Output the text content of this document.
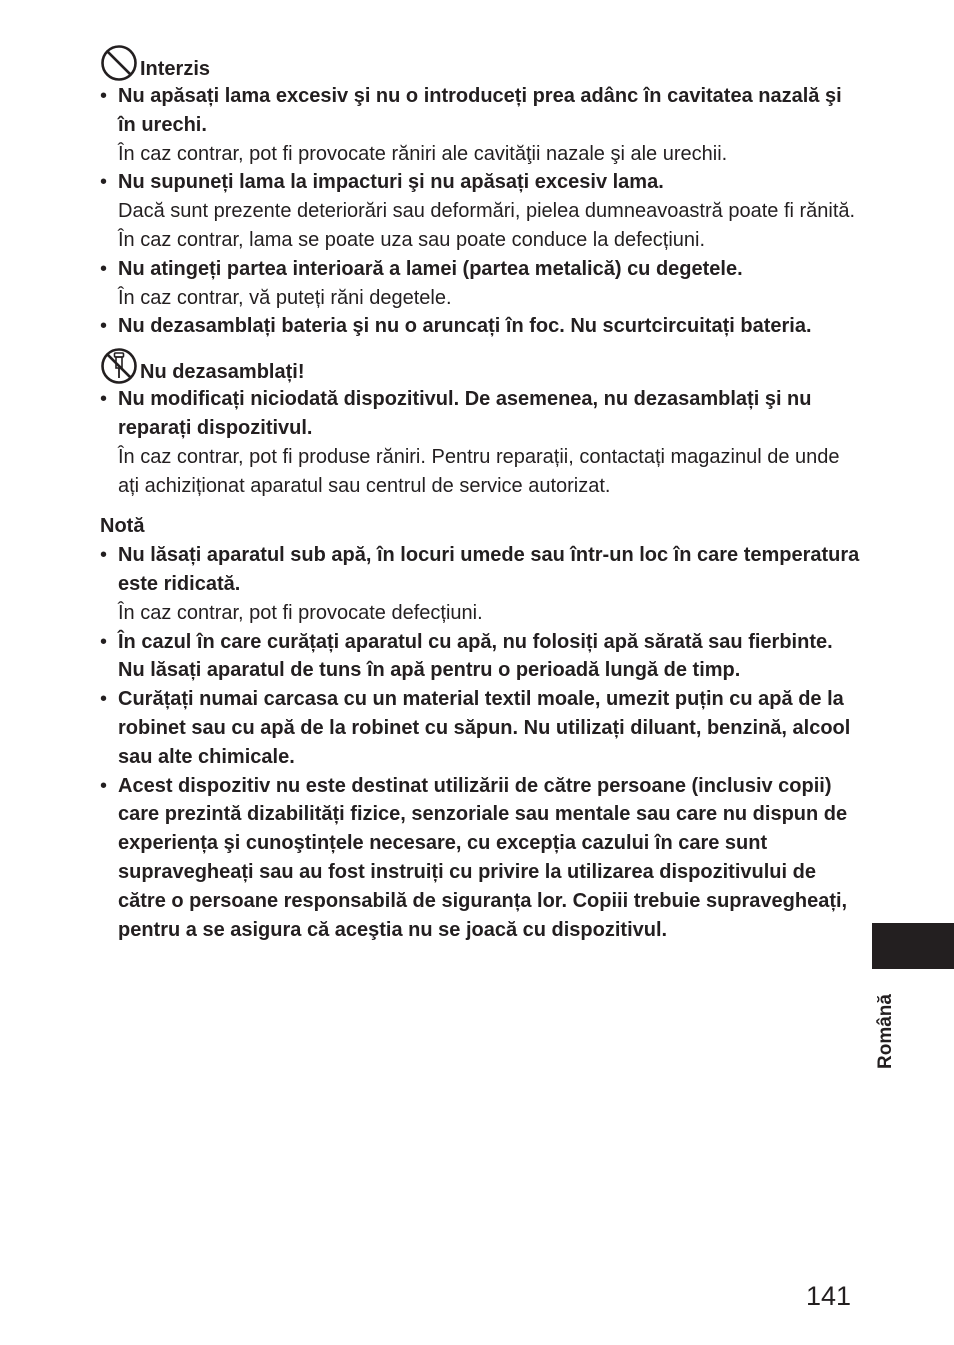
Interzis
• Nu apăsați lama excesiv şi nu o introduceți prea adânc în cavitatea nazală şi în urechi.
În caz contrar, pot fi provocate răniri ale cavităţii nazale şi ale urechii.
• Nu supuneți lama la impacturi şi nu apăsați excesiv lama.
Dacă sunt prezente deteriorări sau deformări, pielea dumneavoastră poate fi rănită.
În caz contrar, lama se poate uza sau poate conduce la defecțiuni.
• Nu atingeți partea interioară a lamei (partea metalică) cu degetele.
În caz contrar, vă puteți răni degetele.
• Nu dezasamblați bateria şi nu o aruncați în foc. Nu scurtcircuitați bateria.
Nu dezasamblați!
• Nu modificați niciodată dispozitivul. De asemenea, nu dezasamblați şi nu reparați dispozitivul.
În caz contrar, pot fi produse răniri. Pentru reparații, contactați magazinul de unde ați achiziționat aparatul sau centrul de service autorizat.
Notă
• Nu lăsați aparatul sub apă, în locuri umede sau într-un loc în care temperatura este ridicată.
În caz contrar, pot fi provocate defecțiuni.
• În cazul în care curățați aparatul cu apă, nu folosiți apă sărată sau fierbinte. Nu lăsați aparatul de tuns în apă pentru o perioadă lungă de timp.
• Curățați numai carcasa cu un material textil moale, umezit puțin cu apă de la robinet sau cu apă de la robinet cu săpun. Nu utilizați diluant, benzină, alcool sau alte chimicale.
• Acest dispozitiv nu este destinat utilizării de către persoane (inclusiv copii) care prezintă dizabilități fizice, senzoriale sau mentale sau care nu dispun de experiența şi cunoştințele necesare, cu excepția cazului în care sunt supravegheați sau au fost instruiți cu privire la utilizarea dispozitivului de către o persoane responsabilă de siguranța lor. Copiii trebuie supravegheați, pentru a se asigura că aceştia nu se joacă cu dispozitivul.
Română
141
